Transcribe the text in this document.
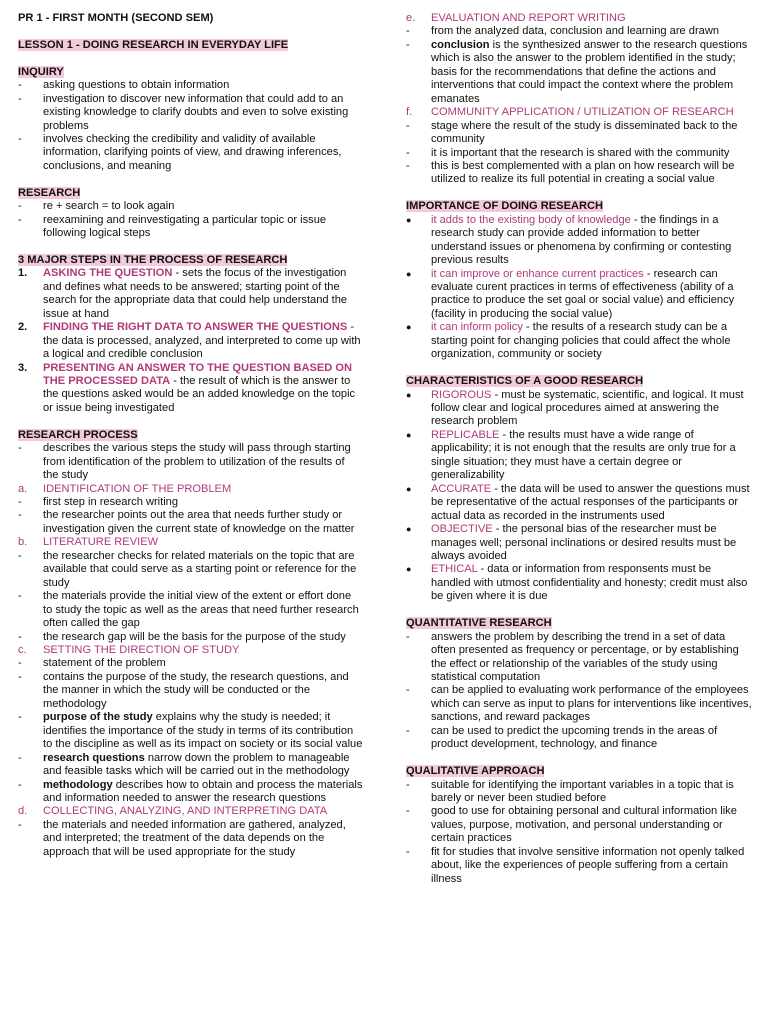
PR 1 - FIRST MONTH (SECOND SEM)
LESSON 1 - DOING RESEARCH IN EVERYDAY LIFE
INQUIRY
-	asking questions to obtain information
-	investigation to discover new information that could add to an existing knowledge to clarify doubts and even to solve existing problems
-	involves checking the credibility and validity of available information, clarifying points of view, and drawing inferences, conclusions, and meaning
RESEARCH
-	re + search = to look again
-	reexamining and reinvestigating a particular topic or issue following logical steps
3 MAJOR STEPS IN THE PROCESS OF RESEARCH
1.	ASKING THE QUESTION - sets the focus of the investigation and defines what needs to be answered; starting point of the search for the appropriate data that could help understand the issue at hand
2.	FINDING THE RIGHT DATA TO ANSWER THE QUESTIONS - the data is processed, analyzed, and interpreted to come up with a logical and credible conclusion
3.	PRESENTING AN ANSWER TO THE QUESTION BASED ON THE PROCESSED DATA - the result of which is the answer to the questions asked would be an added knowledge on the topic or issue being investigated
RESEARCH PROCESS
-	describes the various steps the study will pass through starting from identification of the problem to utilization of the results of the study
a.	IDENTIFICATION OF THE PROBLEM
-	first step in research writing
-	the researcher points out the area that needs further study or investigation given the current state of knowledge on the matter
b.	LITERATURE REVIEW
-	the researcher checks for related materials on the topic that are available that could serve as a starting point or reference for the study
-	the materials provide the initial view of the extent or effort done to study the topic as well as the areas that need further research often called the gap
-	the research gap will be the basis for the purpose of the study
c.	SETTING THE DIRECTION OF STUDY
-	statement of the problem
-	contains the purpose of the study, the research questions, and the manner in which the study will be conducted or the methodology
-	purpose of the study explains why the study is needed; it identifies the importance of the study in terms of its contribution to the discipline as well as its impact on society or its social value
-	research questions narrow down the problem to manageable and feasible tasks which will be carried out in the methodology
-	methodology describes how to obtain and process the materials and information needed to answer the research questions
d.	COLLECTING, ANALYZING, AND INTERPRETING DATA
-	the materials and needed information are gathered, analyzed, and interpreted; the treatment of the data depends on the approach that will be used appropriate for the study
e.	EVALUATION AND REPORT WRITING
-	from the analyzed data, conclusion and learning are drawn
-	conclusion is the synthesized answer to the research questions which is also the answer to the problem identified in the study; basis for the recommendations that define the actions and interventions that could impact the context where the problem emanates
f.	COMMUNITY APPLICATION / UTILIZATION OF RESEARCH
-	stage where the result of the study is disseminated back to the community
-	it is important that the research is shared with the community
-	this is best complemented with a plan on how research will be utilized to realize its full potential in creating a social value
IMPORTANCE OF DOING RESEARCH
●	it adds to the existing body of knowledge - the findings in a research study can provide added information to better understand issues or phenomena by confirming or contesting previous results
●	it can improve or enhance current practices - research can evaluate curent practices in terms of effectiveness (ability of a practice to produce the set goal or social value) and efficiency (facility in producing the social value)
●	it can inform policy - the results of a research study can be a starting point for changing policies that could affect the whole organization, community or society
CHARACTERISTICS OF A GOOD RESEARCH
●	RIGOROUS - must be systematic, scientific, and logical. It must follow clear and logical procedures aimed at answering the research problem
●	REPLICABLE - the results must have a wide range of applicability; it is not enough that the results are only true for a single situation; they must have a certain degree or generalizability
●	ACCURATE - the data will be used to answer the questions must be representative of the actual responses of the participants or actual data as recorded in the instruments used
●	OBJECTIVE - the personal bias of the researcher must be manages well; personal inclinations or desired results must be always avoided
●	ETHICAL - data or information from responsents must be handled with utmost confidentiality and honesty; credit must also be given where it is due
QUANTITATIVE RESEARCH
-	answers the problem by describing the trend in a set of data often presented as frequency or percentage, or by establishing the effect or relationship of the variables of the study using statistical computation
-	can be applied to evaluating work performance of the employees which can serve as input to plans for interventions like incentives, sanctions, and reward packages
-	can be used to predict the upcoming trends in the areas of product development, technology, and finance
QUALITATIVE APPROACH
-	suitable for identifying the important variables in a topic that is barely or never been studied before
-	good to use for obtaining personal and cultural information like values, purpose, motivation, and personal understanding or certain practices
-	fit for studies that involve sensitive information not openly talked about, like the experiences of people suffering from a certain illness
